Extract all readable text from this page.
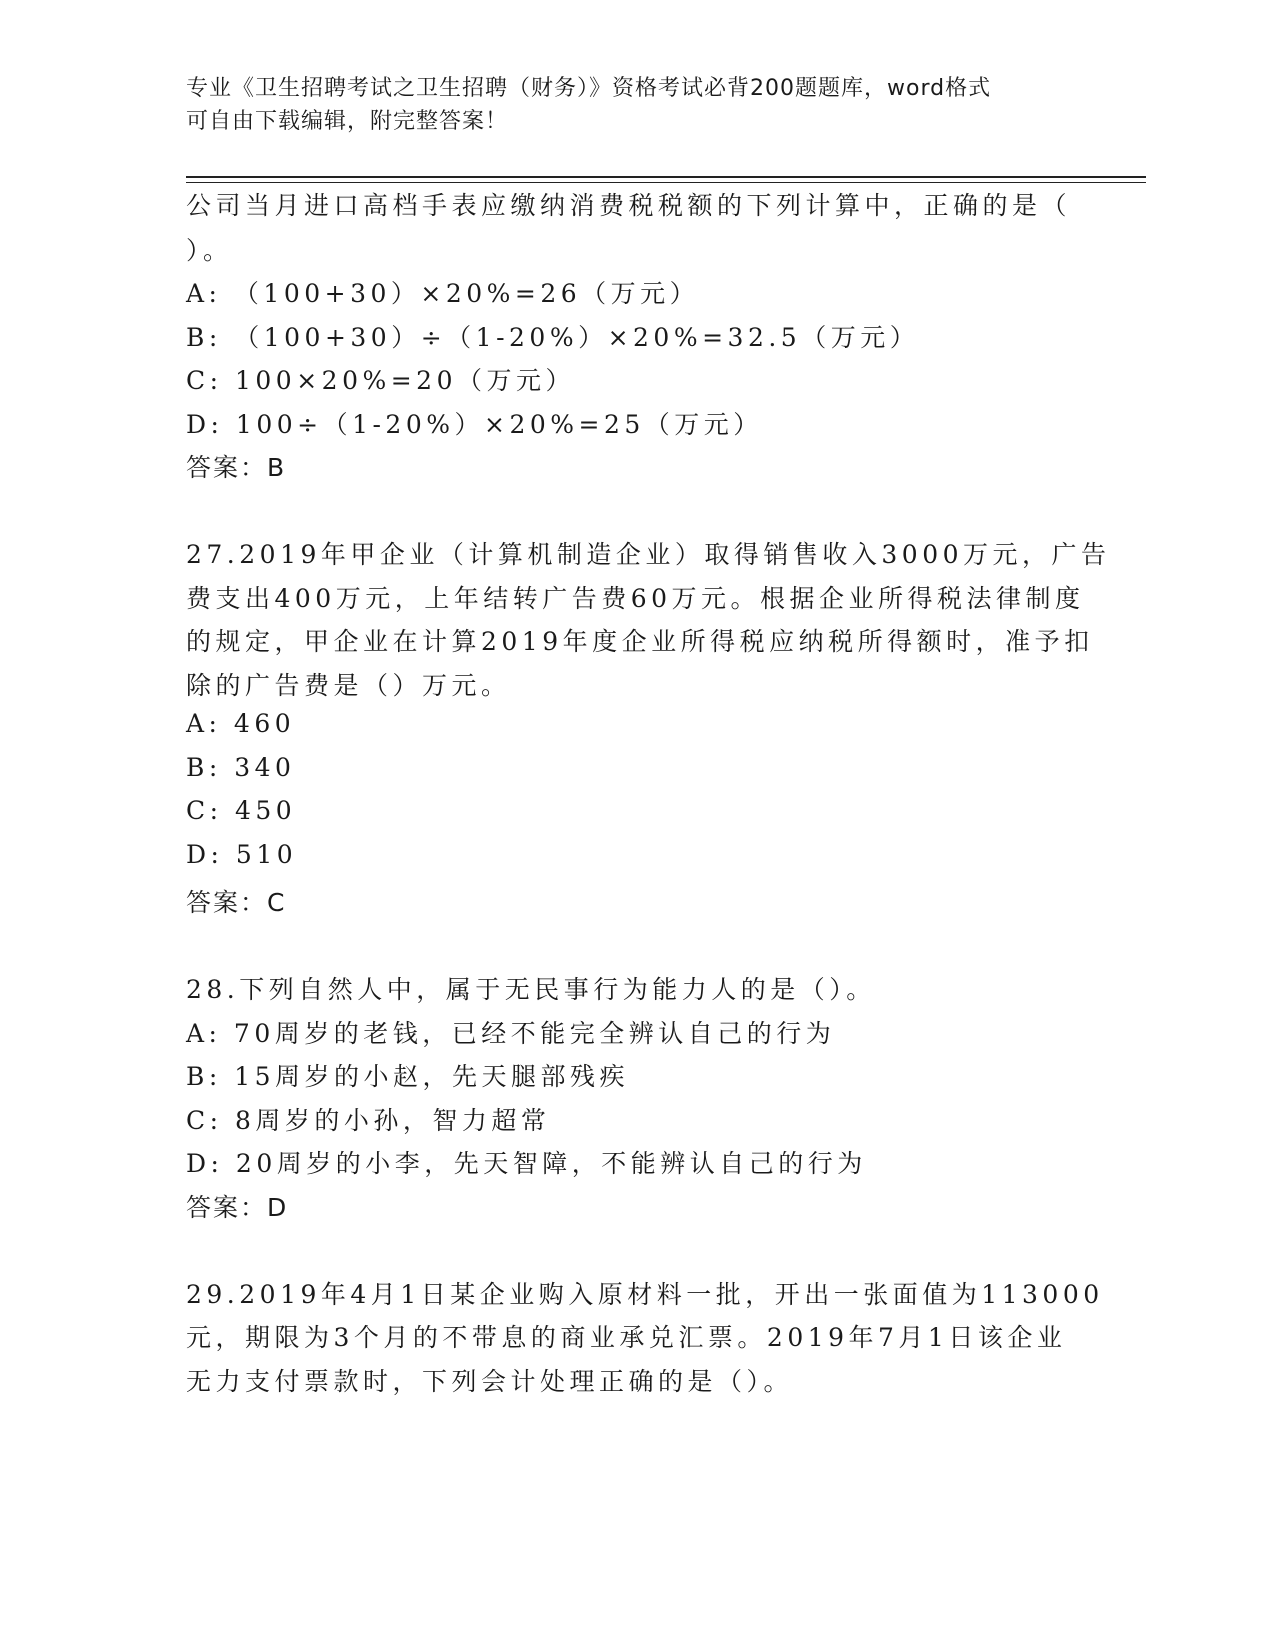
专业《卫生招聘考试之卫生招聘（财务）》资格考试必背200题题库，word格式
可自由下载编辑，附完整答案！
公司当月进口高档手表应缴纳消费税税额的下列计算中，正确的是（
）。
A: （100+30）×20%=26（万元）
B: （100+30）÷（1-20%）×20%=32.5（万元）
C: 100×20%=20（万元）
D: 100÷（1-20%）×20%=25（万元）
答案：B
27.2019年甲企业（计算机制造企业）取得销售收入3000万元，广告
费支出400万元，上年结转广告费60万元。根据企业所得税法律制度
的规定，甲企业在计算2019年度企业所得税应纳税所得额时，准予扣
除的广告费是（）万元。
A: 460
B: 340
C: 450
D: 510
答案：C
28.下列自然人中，属于无民事行为能力人的是（）。
A: 70周岁的老钱，已经不能完全辨认自己的行为
B: 15周岁的小赵，先天腿部残疾
C: 8周岁的小孙，智力超常
D: 20周岁的小李，先天智障，不能辨认自己的行为
答案：D
29.2019年4月1日某企业购入原材料一批，开出一张面值为113000
元，期限为3个月的不带息的商业承兑汇票。2019年7月1日该企业
无力支付票款时，下列会计处理正确的是（）。
